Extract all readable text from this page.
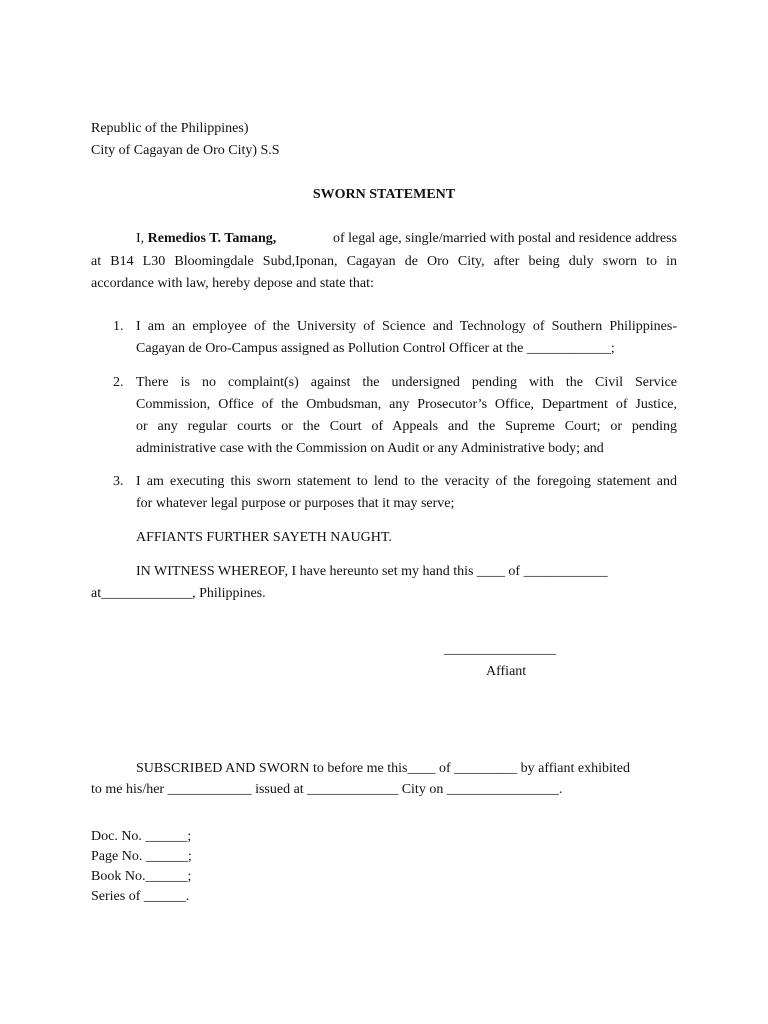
Republic of the Philippines)
City of Cagayan de Oro City) S.S
SWORN STATEMENT
I, Remedios T. Tamang,	of legal age, single/married with postal and residence address
at B14 L30 Bloomingdale Subd,Iponan, Cagayan de Oro City, after being duly sworn to in
accordance with law, hereby depose and state that:
1. I am an employee of the University of Science and Technology of Southern Philippines-
Cagayan de Oro-Campus assigned as Pollution Control Officer at the ____________;
2. There is no complaint(s) against the undersigned pending with the Civil Service
Commission, Office of the Ombudsman, any Prosecutor’s Office, Department of Justice,
or any regular courts or the Court of Appeals and the Supreme Court; or pending
administrative case with the Commission on Audit or any Administrative body; and
3. I am executing this sworn statement to lend to the veracity of the foregoing statement and
for whatever legal purpose or purposes that it may serve;
AFFIANTS FURTHER SAYETH NAUGHT.
IN WITNESS WHEREOF, I have hereunto set my hand this ____ of ____________
at_____________, Philippines.
________________
Affiant
SUBSCRIBED AND SWORN to before me this____ of _________ by affiant exhibited
to me his/her ____________ issued at _____________ City on ________________.
Doc. No. ______;
Page No. ______;
Book No.______;
Series of ______.
